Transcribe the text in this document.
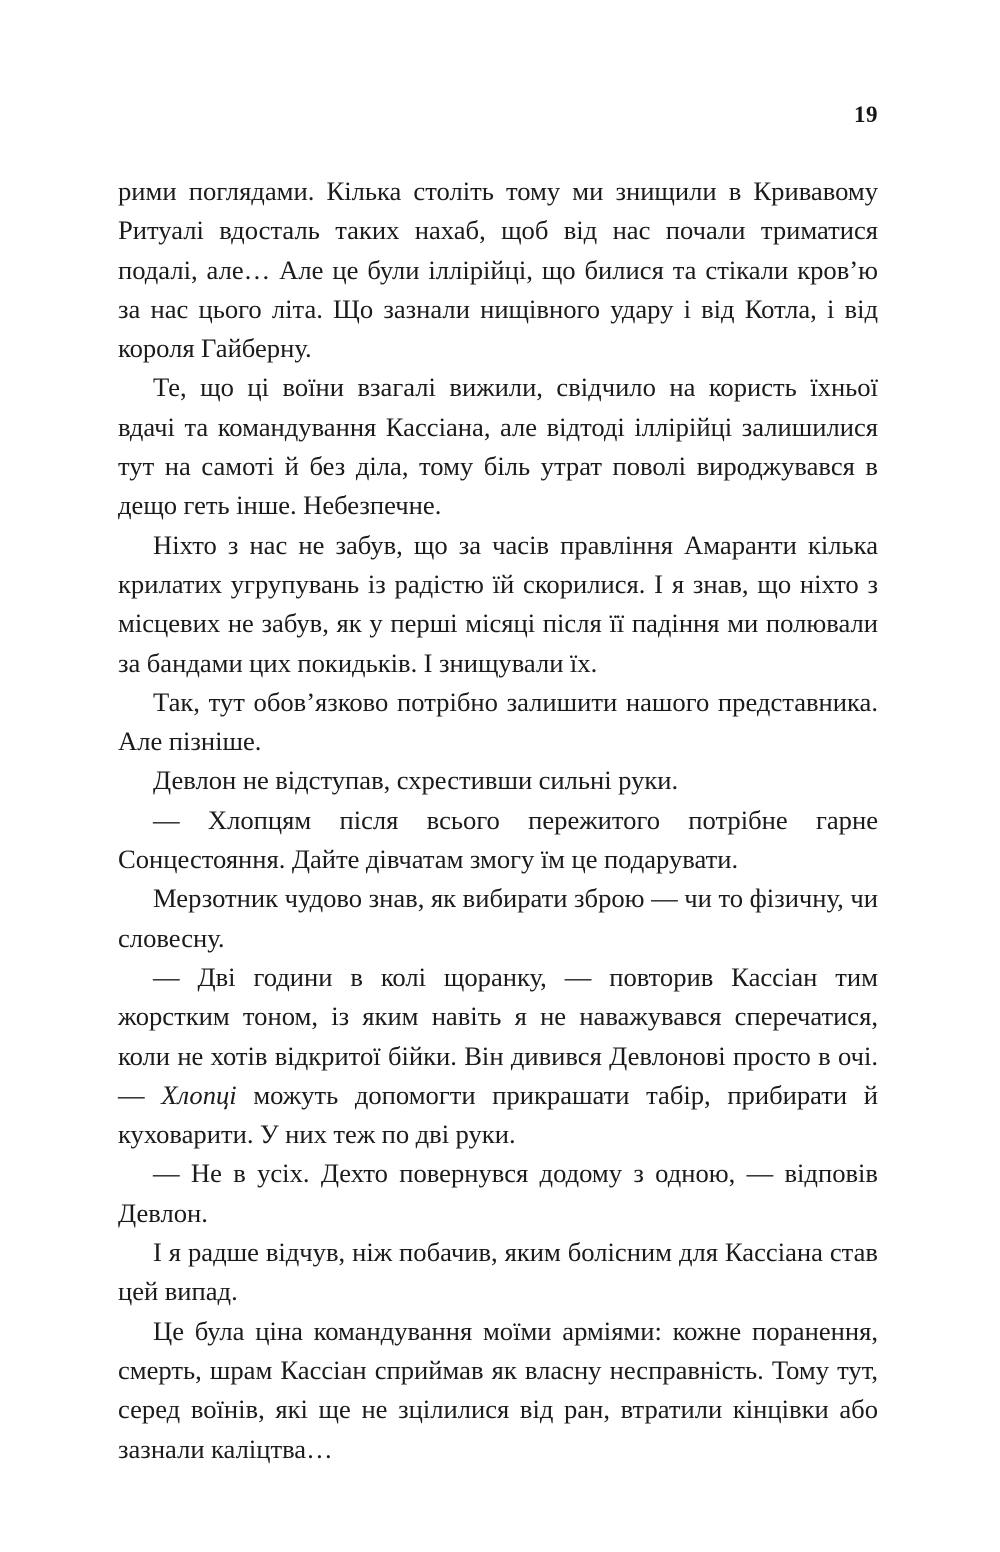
19

рими поглядами. Кілька століть тому ми знищили в Кривавому Ритуалі вдосталь таких нахаб, щоб від нас почали триматися подалі, але… Але це були іллірійці, що билися та стікали кров’ю за нас цього літа. Що зазнали нищівного удару і від Котла, і від короля Гайберну.

Те, що ці воїни взагалі вижили, свідчило на користь їхньої вдачі та командування Кассіана, але відтоді іллірійці залишилися тут на самоті й без діла, тому біль утрат поволі вироджувався в дещо геть інше. Небезпечне.

Ніхто з нас не забув, що за часів правління Амаранти кілька крилатих угрупувань із радістю їй скорилися. І я знав, що ніхто з місцевих не забув, як у перші місяці після її падіння ми полювали за бандами цих покидьків. І знищували їх.

Так, тут обов’язково потрібно залишити нашого представника. Але пізніше.

Девлон не відступав, схрестивши сильні руки.

— Хлопцям після всього пережитого потрібне гарне Сонцестояння. Дайте дівчатам змогу їм це подарувати.

Мерзотник чудово знав, як вибирати зброю — чи то фізичну, чи словесну.

— Дві години в колі щоранку, — повторив Кассіан тим жорстким тоном, із яким навіть я не наважувався сперечатися, коли не хотів відкритої бійки. Він дивився Девлонові просто в очі. — Хлопці можуть допомогти прикрашати табір, прибирати й куховарити. У них теж по дві руки.

— Не в усіх. Дехто повернувся додому з одною, — відповів Девлон.

І я радше відчув, ніж побачив, яким болісним для Кассіана став цей випад.

Це була ціна командування моїми арміями: кожне поранення, смерть, шрам Кассіан сприймав як власну несправність. Тому тут, серед воїнів, які ще не зцілилися від ран, втратили кінцівки або зазнали каліцтва…
